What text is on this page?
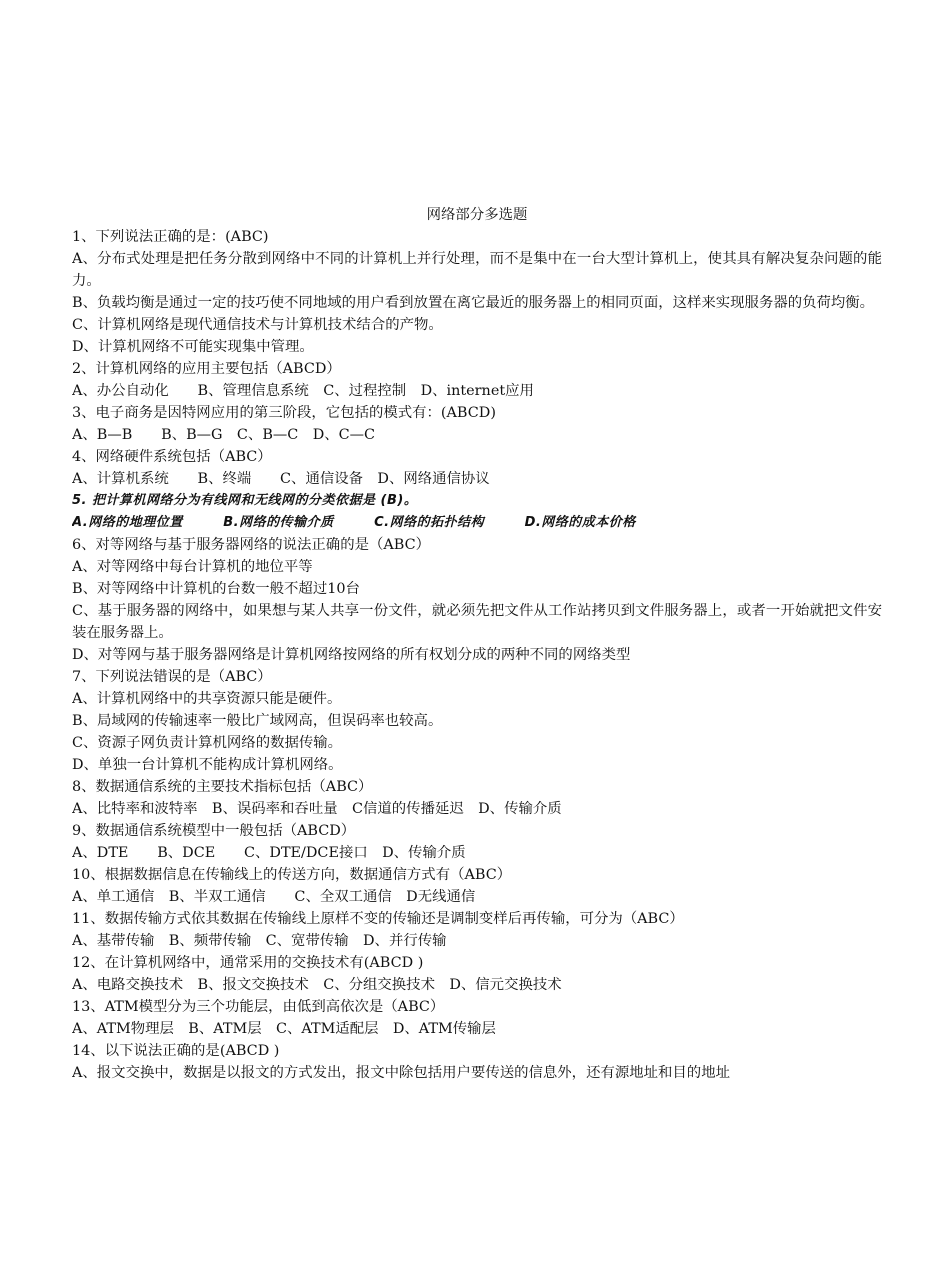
网络部分多选题
1、下列说法正确的是：(ABC)
A、分布式处理是把任务分散到网络中不同的计算机上并行处理，而不是集中在一台大型计算机上，使其具有解决复杂问题的能力。
B、负载均衡是通过一定的技巧使不同地域的用户看到放置在离它最近的服务器上的相同页面，这样来实现服务器的负荷均衡。
C、计算机网络是现代通信技术与计算机技术结合的产物。
D、计算机网络不可能实现集中管理。
2、计算机网络的应用主要包括（ABCD）
A、办公自动化　　B、管理信息系统　C、过程控制　D、internet应用
3、电子商务是因特网应用的第三阶段，它包括的模式有：(ABCD)
A、B—B　　B、B—G　C、B—C　D、C—C
4、网络硬件系统包括（ABC）
A、计算机系统　　B、终端　　C、通信设备　D、网络通信协议
5. 把计算机网络分为有线网和无线网的分类依据是 (B)。
A.网络的地理位置　　　B.网络的传输介质　　　C.网络的拓扑结构　　　D.网络的成本价格
6、对等网络与基于服务器网络的说法正确的是（ABC）
A、对等网络中每台计算机的地位平等
B、对等网络中计算机的台数一般不超过10台
C、基于服务器的网络中，如果想与某人共享一份文件，就必须先把文件从工作站拷贝到文件服务器上，或者一开始就把文件安装在服务器上。
D、对等网与基于服务器网络是计算机网络按网络的所有权划分成的两种不同的网络类型
7、下列说法错误的是（ABC）
A、计算机网络中的共享资源只能是硬件。
B、局域网的传输速率一般比广域网高，但误码率也较高。
C、资源子网负责计算机网络的数据传输。
D、单独一台计算机不能构成计算机网络。
8、数据通信系统的主要技术指标包括（ABC）
A、比特率和波特率　B、误码率和吞吐量　C信道的传播延迟　D、传输介质
9、数据通信系统模型中一般包括（ABCD）
A、DTE　　B、DCE　　C、DTE/DCE接口　D、传输介质
10、根据数据信息在传输线上的传送方向，数据通信方式有（ABC）
A、单工通信　B、半双工通信　　C、全双工通信　D无线通信
11、数据传输方式依其数据在传输线上原样不变的传输还是调制变样后再传输，可分为（ABC）
A、基带传输　B、频带传输　C、宽带传输　D、并行传输
12、在计算机网络中，通常采用的交换技术有(ABCD )
A、电路交换技术　B、报文交换技术　C、分组交换技术　D、信元交换技术
13、ATM模型分为三个功能层，由低到高依次是（ABC）
A、ATM物理层　B、ATM层　C、ATM适配层　D、ATM传输层
14、以下说法正确的是(ABCD )
A、报文交换中，数据是以报文的方式发出，报文中除包括用户要传送的信息外，还有源地址和目的地址
